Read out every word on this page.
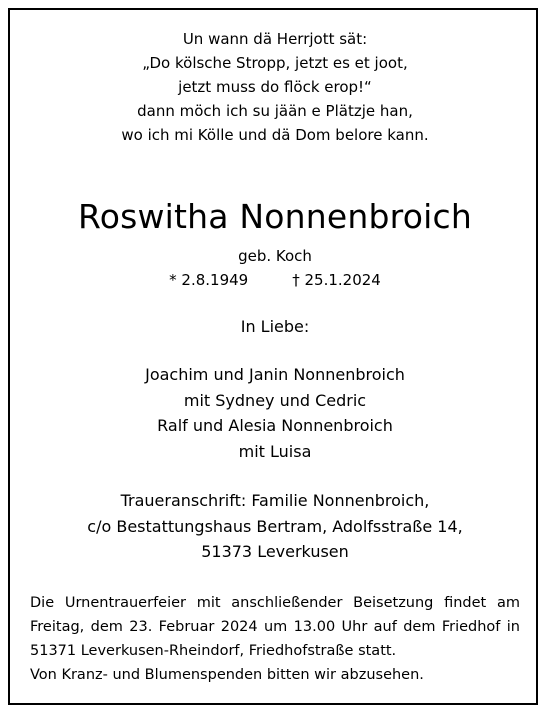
Un wann dä Herrjott sät:
„Do kölsche Stropp, jetzt es et joot,
jetzt muss do flöck erop!“
dann möch ich su jään e Plätzje han,
wo ich mi Kölle und dä Dom belore kann.
Roswitha Nonnenbroich
geb. Koch
* 2.8.1949	† 25.1.2024
In Liebe:
Joachim und Janin Nonnenbroich
mit Sydney und Cedric
Ralf und Alesia Nonnenbroich
mit Luisa
Traueranschrift: Familie Nonnenbroich,
c/o Bestattungshaus Bertram, Adolfsstraße 14,
51373 Leverkusen
Die Urnentrauerfeier mit anschließender Beisetzung findet am
Freitag, dem 23. Februar 2024 um 13.00 Uhr auf dem Friedhof in
51371 Leverkusen-Rheindorf, Friedhofstraße statt.
Von Kranz- und Blumenspenden bitten wir abzusehen.
